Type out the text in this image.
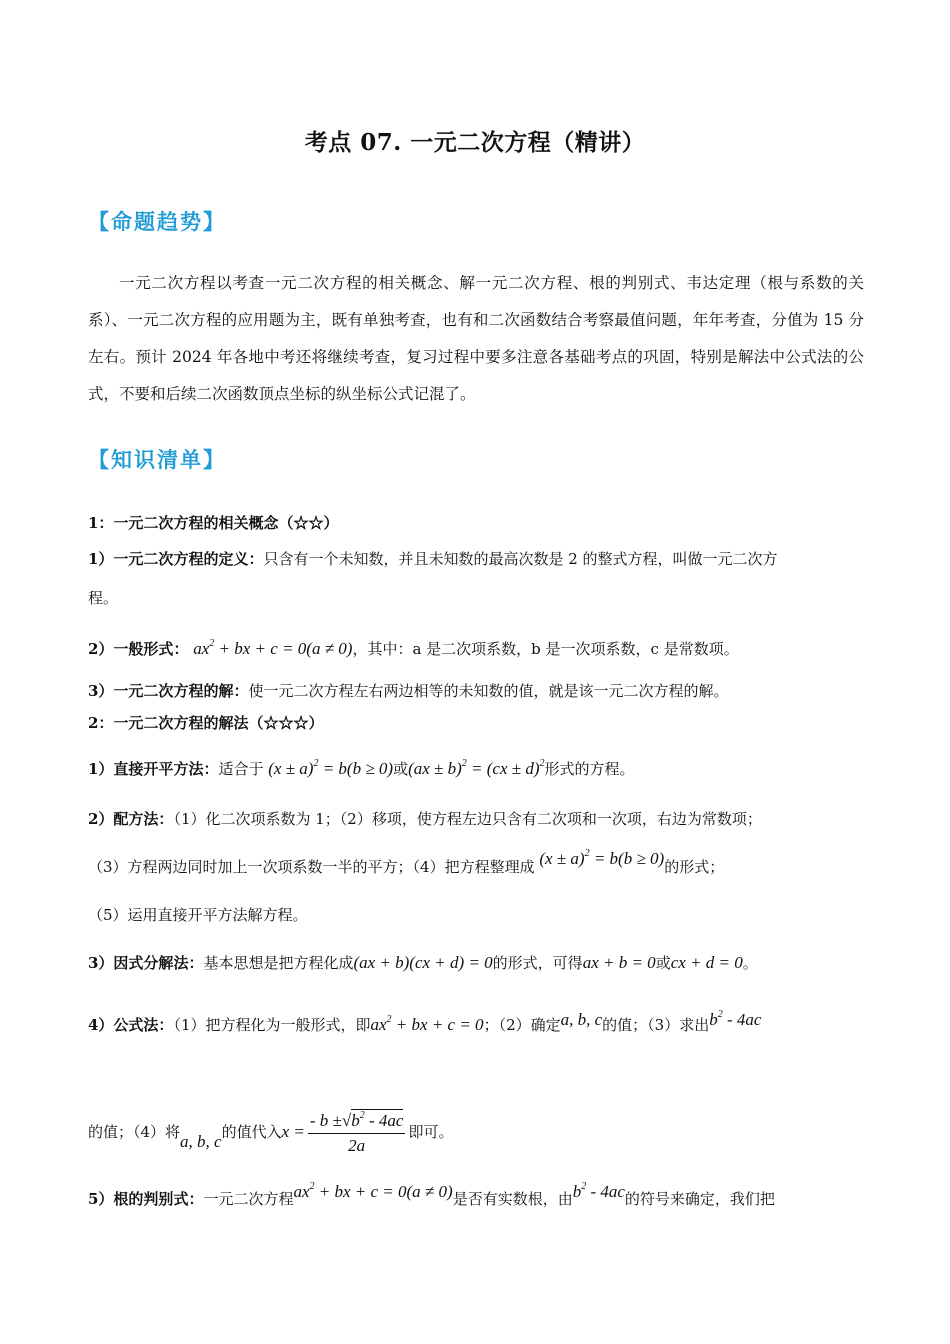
考点 07. 一元二次方程（精讲）
【命题趋势】
一元二次方程以考查一元二次方程的相关概念、解一元二次方程、根的判别式、韦达定理（根与系数的关系）、一元二次方程的应用题为主，既有单独考查，也有和二次函数结合考察最值问题，年年考查，分值为 15 分左右。预计 2024 年各地中考还将继续考查，复习过程中要多注意各基础考点的巩固，特别是解法中公式法的公式，不要和后续二次函数顶点坐标的纵坐标公式记混了。
【知识清单】
1：一元二次方程的相关概念（☆☆）
1）一元二次方程的定义：只含有一个未知数，并且未知数的最高次数是 2 的整式方程，叫做一元二次方
程。
2）一般形式： $ax^2$ + bx + c = 0(a ≠ 0)，其中：a 是二次项系数，b 是一次项系数，c 是常数项。
3）一元二次方程的解：使一元二次方程左右两边相等的未知数的值，就是该一元二次方程的解。
2：一元二次方程的解法（☆☆☆）
1）直接开平方法：适合于 $(x \pm a)^2 = b(b \ge 0)$或(ax ± b)$^2$ = (cx ± d)$^2$形式的方程。
2）配方法：（1）化二次项系数为 1；（2）移项，使方程左边只含有二次项和一次项，右边为常数项；
（3）方程两边同时加上一次项系数一半的平方；（4）把方程整理成 $(x \pm a)^2 = b(b \ge 0)$的形式；
（5）运用直接开平方法解方程。
3）因式分解法：基本思想是把方程化成(ax + b)(cx + d) = 0的形式，可得ax + b = 0或cx + d = 0。
4）公式法：（1）把方程化为一般形式，即$ax^2$ + bx + c = 0；（2）确定a, b, c的值；（3）求出$b^2 - 4ac$
的值；（4）将a, b, c的值代入$x = \frac{- b \pm√b^2 - 4ac}{2a}$ 即可。
5）根的判别式：一元二次方程$ax^2$ + bx + c = 0(a ≠ 0)是否有实数根，由$b^2 - 4ac$的符号来确定，我们把
